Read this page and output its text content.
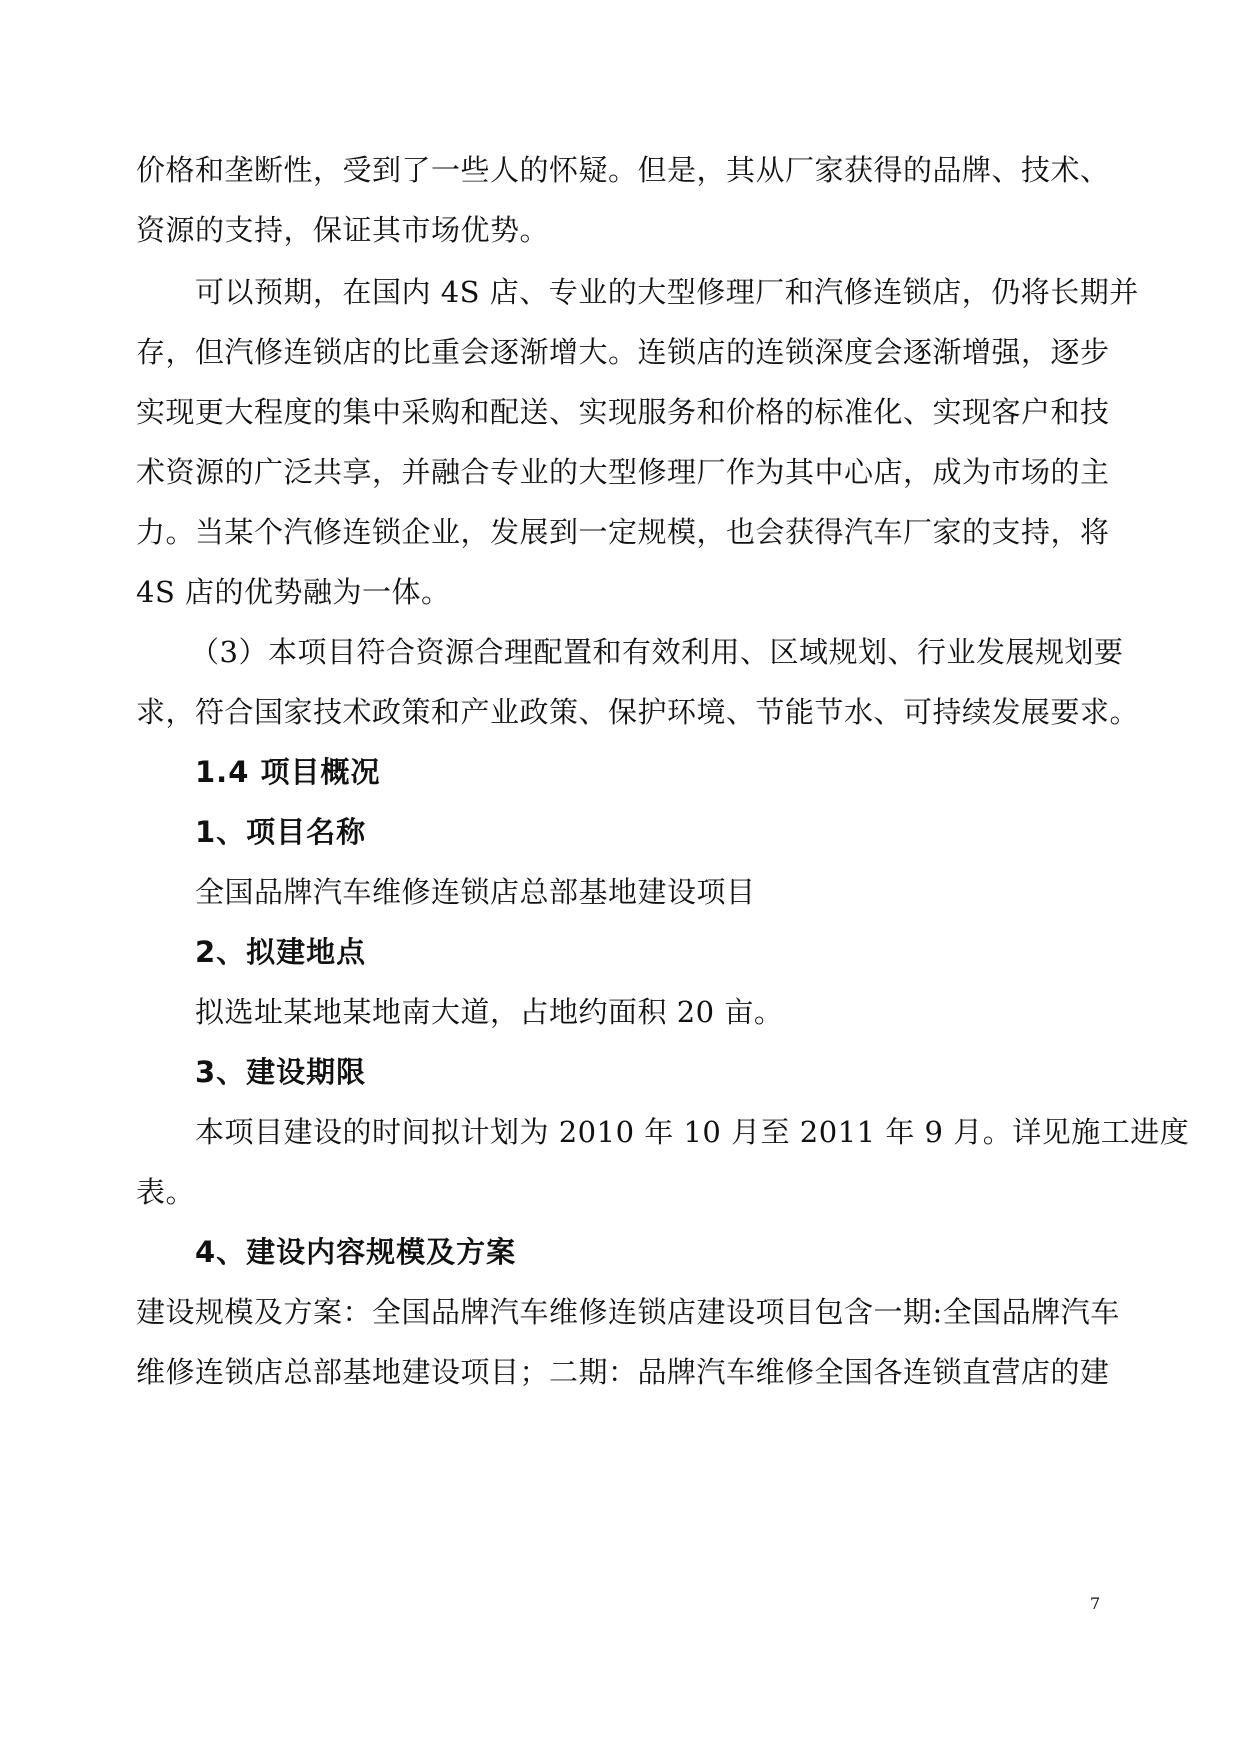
价格和垄断性，受到了一些人的怀疑。但是，其从厂家获得的品牌、技术、
资源的支持，保证其市场优势。
可以预期，在国内 4S 店、专业的大型修理厂和汽修连锁店，仍将长期并
存，但汽修连锁店的比重会逐渐增大。连锁店的连锁深度会逐渐增强，逐步
实现更大程度的集中采购和配送、实现服务和价格的标准化、实现客户和技
术资源的广泛共享，并融合专业的大型修理厂作为其中心店，成为市场的主
力。当某个汽修连锁企业，发展到一定规模，也会获得汽车厂家的支持，将
4S 店的优势融为一体。
（3）本项目符合资源合理配置和有效利用、区域规划、行业发展规划要
求，符合国家技术政策和产业政策、保护环境、节能节水、可持续发展要求。
1.4 项目概况
1、项目名称
全国品牌汽车维修连锁店总部基地建设项目
2、拟建地点
拟选址某地某地南大道，占地约面积 20 亩。
3、建设期限
本项目建设的时间拟计划为 2010 年 10 月至 2011 年 9 月。详见施工进度
表。
4、建设内容规模及方案
建设规模及方案：全国品牌汽车维修连锁店建设项目包含一期:全国品牌汽车
维修连锁店总部基地建设项目；二期：品牌汽车维修全国各连锁直营店的建
7
